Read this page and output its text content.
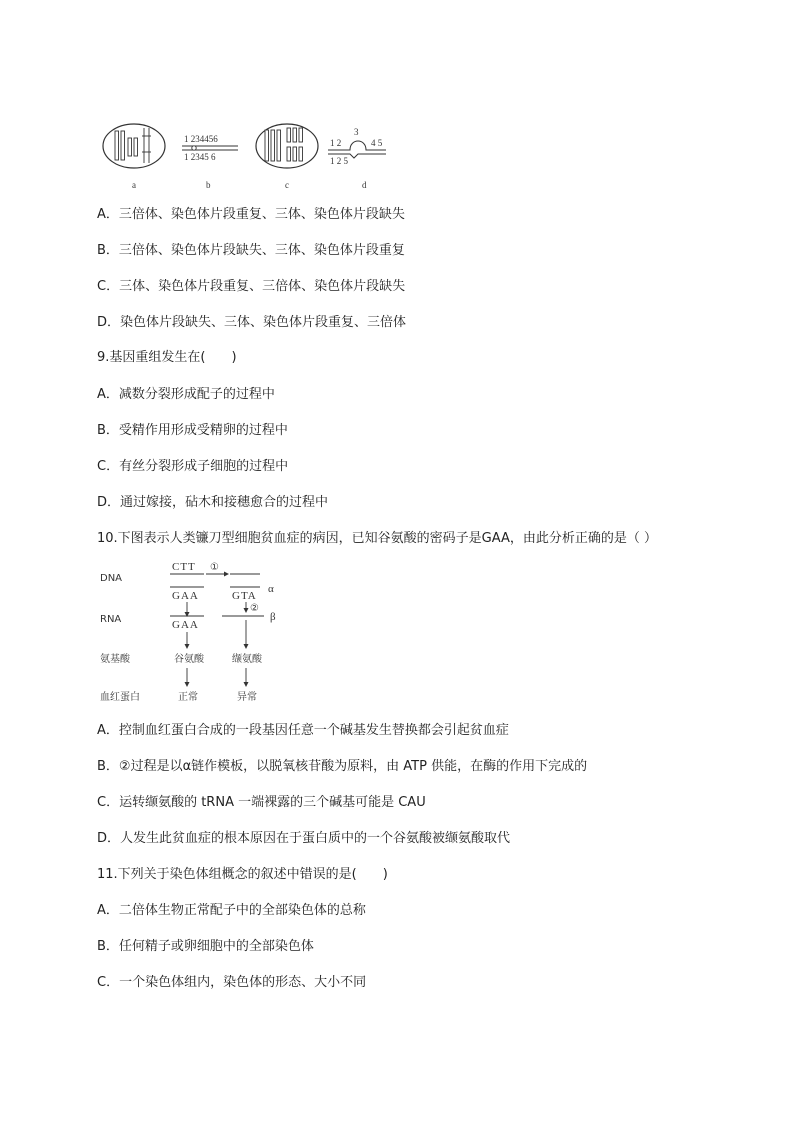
a
1 234456
1 2345 6
b	c
1 2
3
4 5
1 2 5
d
A．三倍体、染色体片段重复、三体、染色体片段缺失
B．三倍体、染色体片段缺失、三体、染色体片段重复
C．三体、染色体片段重复、三倍体、染色体片段缺失
D．染色体片段缺失、三体、染色体片段重复、三倍体
9.基因重组发生在(　　)
A．减数分裂形成配子的过程中
B．受精作用形成受精卵的过程中
C．有丝分裂形成子细胞的过程中
D．通过嫁接，砧木和接穗愈合的过程中
10.下图表示人类镰刀型细胞贫血症的病因，已知谷氨酸的密码子是GAA，由此分析正确的是（ ）
DNA
RNA
氨基酸
血红蛋白
CTT
GAA
①
GTA
α
GAA
②
β
谷氨酸	缬氨酸
正常	异常
A．控制血红蛋白合成的一段基因任意一个碱基发生替换都会引起贫血症
B．②过程是以α链作模板，以脱氧核苷酸为原料，由 ATP 供能，在酶的作用下完成的
C．运转缬氨酸的 tRNA 一端裸露的三个碱基可能是 CAU
D．人发生此贫血症的根本原因在于蛋白质中的一个谷氨酸被缬氨酸取代
11.下列关于染色体组概念的叙述中错误的是(　　)
A．二倍体生物正常配子中的全部染色体的总称
B．任何精子或卵细胞中的全部染色体
C．一个染色体组内，染色体的形态、大小不同
